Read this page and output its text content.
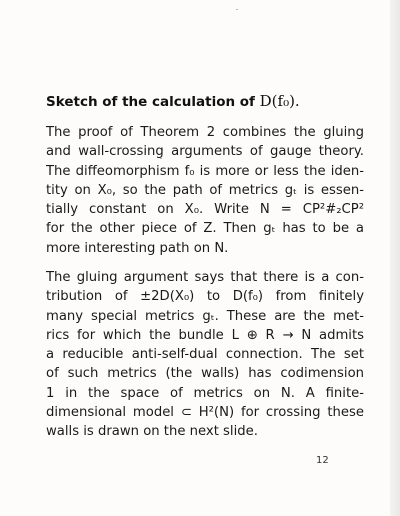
Sketch of the calculation of D(f₀).
The proof of Theorem 2 combines the gluing
and wall-crossing arguments of gauge theory.
The diffeomorphism f₀ is more or less the iden-
tity on X₀, so the path of metrics gₜ is essen-
tially constant on X₀. Write N = CP²#₂CP²
for the other piece of Z. Then gₜ has to be a
more interesting path on N.
The gluing argument says that there is a con-
tribution of ±2D(X₀) to D(f₀) from finitely
many special metrics gₜ. These are the met-
rics for which the bundle L ⊕ R → N admits
a reducible anti-self-dual connection. The set
of such metrics (the walls) has codimension
1 in the space of metrics on N. A finite-
dimensional model ⊂ H²(N) for crossing these
walls is drawn on the next slide.
12
